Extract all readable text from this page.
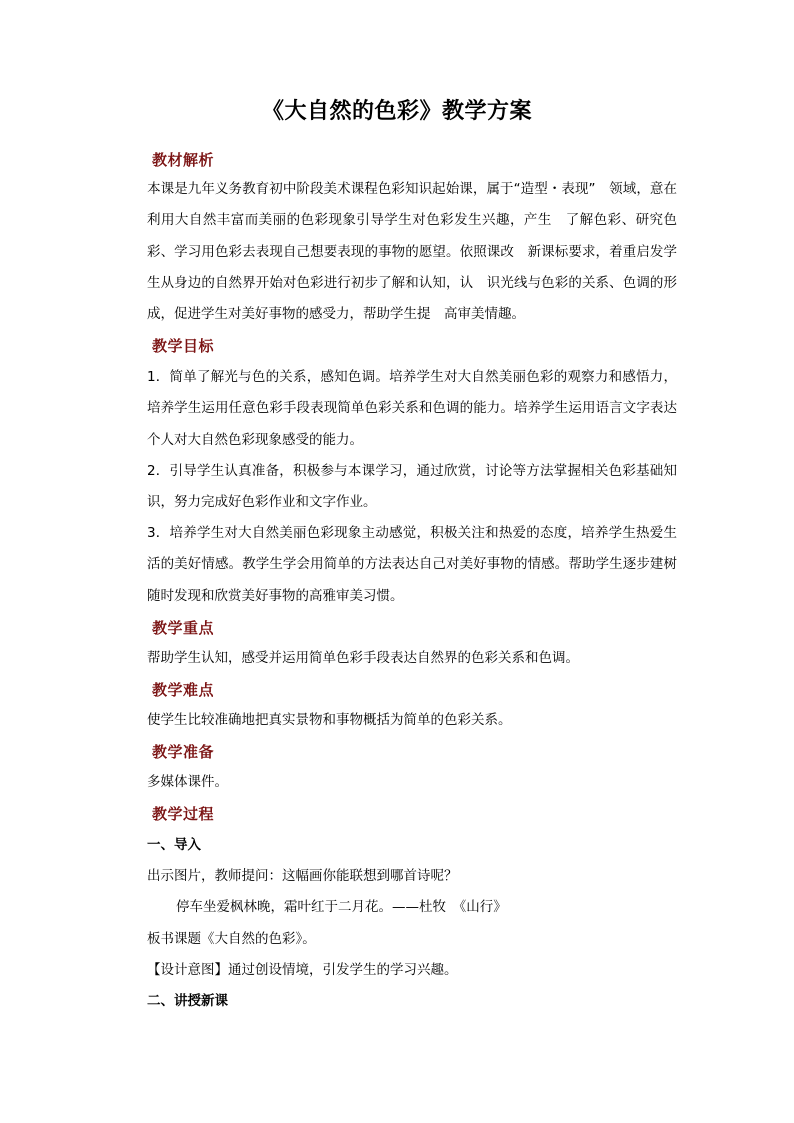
《大自然的色彩》教学方案
教材解析
本课是九年义务教育初中阶段美术课程色彩知识起始课，属于“造型・表现”　领域，意在利用大自然丰富而美丽的色彩现象引导学生对色彩发生兴趣，产生　了解色彩、研究色彩、学习用色彩去表现自己想要表现的事物的愿望。依照课改　新课标要求，着重启发学生从身边的自然界开始对色彩进行初步了解和认知，认　识光线与色彩的关系、色调的形成，促进学生对美好事物的感受力，帮助学生提　高审美情趣。
教学目标
1．简单了解光与色的关系，感知色调。培养学生对大自然美丽色彩的观察力和感悟力，培养学生运用任意色彩手段表现简单色彩关系和色调的能力。培养学生运用语言文字表达个人对大自然色彩现象感受的能力。
2．引导学生认真准备，积极参与本课学习，通过欣赏，讨论等方法掌握相关色彩基础知识，努力完成好色彩作业和文字作业。
3．培养学生对大自然美丽色彩现象主动感觉，积极关注和热爱的态度，培养学生热爱生活的美好情感。教学生学会用简单的方法表达自己对美好事物的情感。帮助学生逐步建树随时发现和欣赏美好事物的高雅审美习惯。
教学重点
帮助学生认知，感受并运用简单色彩手段表达自然界的色彩关系和色调。
教学难点
使学生比较准确地把真实景物和事物概括为简单的色彩关系。
教学准备
多媒体课件。
教学过程
一、导入
出示图片，教师提问：这幅画你能联想到哪首诗呢？
停车坐爱枫林晚，霜叶红于二月花。——杜牧　《山行》
板书课题《大自然的色彩》。
【设计意图】通过创设情境，引发学生的学习兴趣。
二、讲授新课
